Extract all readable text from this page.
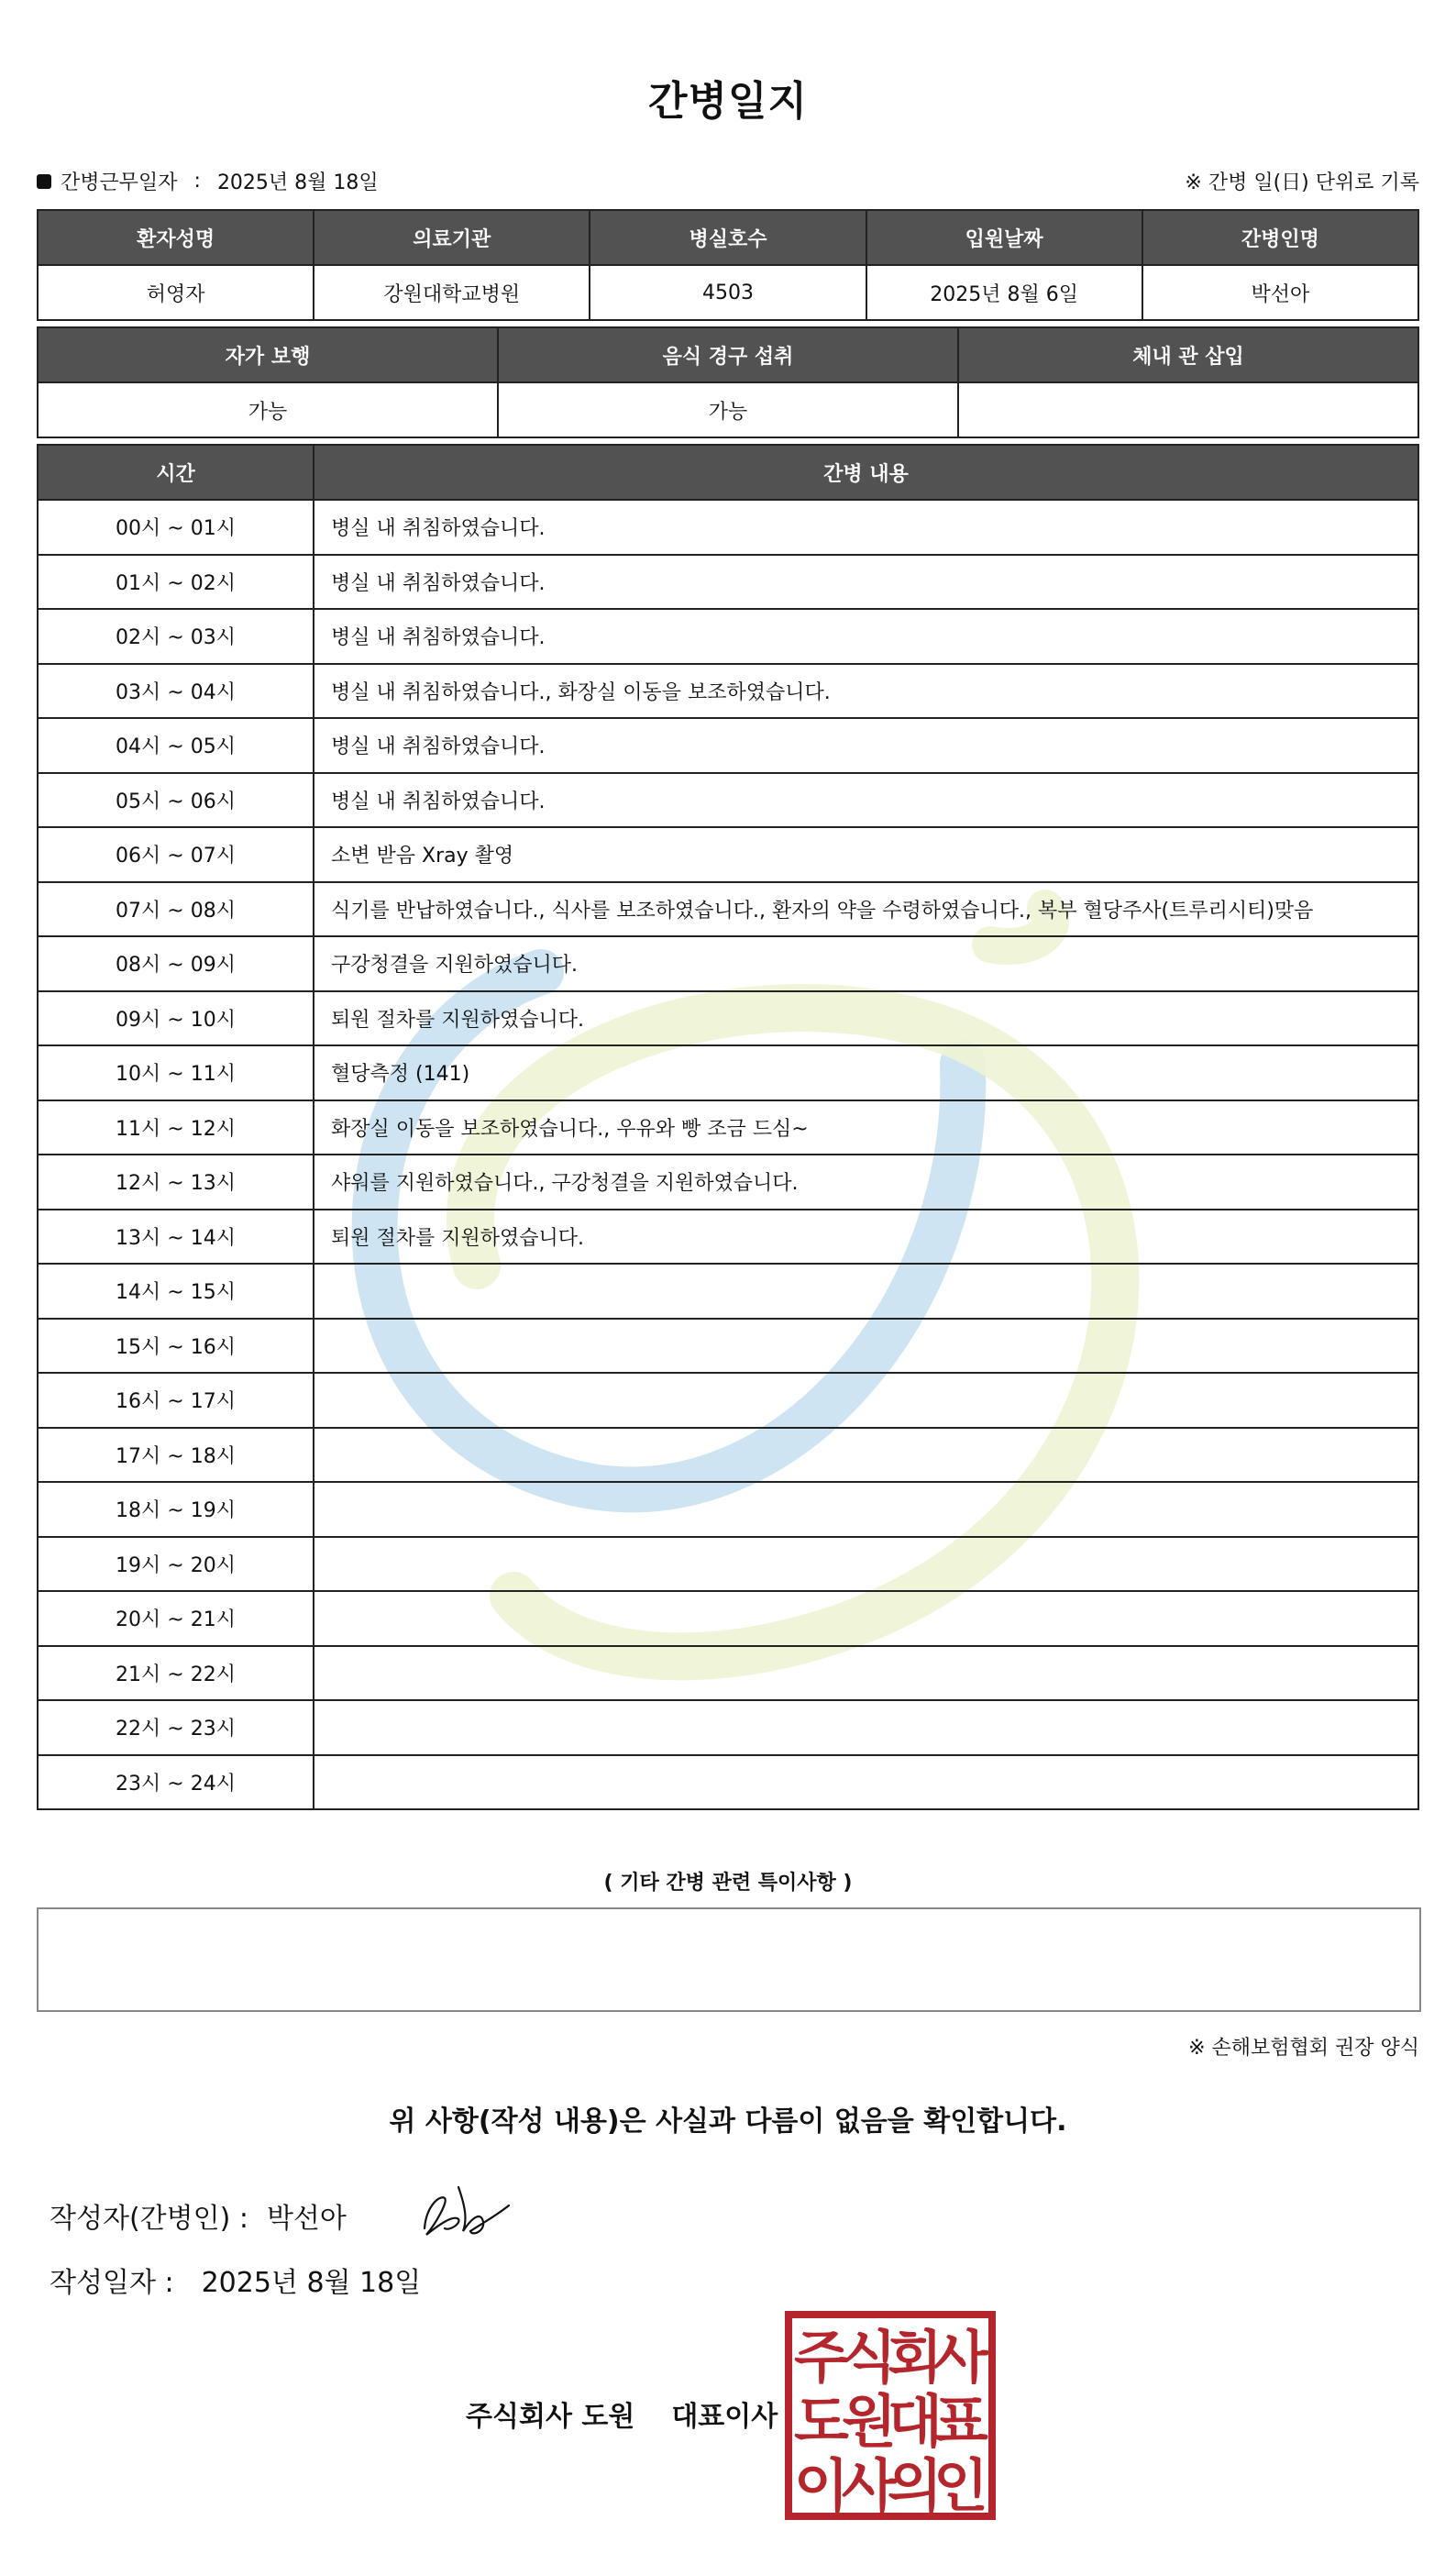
간병일지
간병근무일자 : 2025년 8월 18일	※ 간병 일(日) 단위로 기록
환자성명	의료기관	병실호수	입원날짜	간병인명
허영자	강원대학교병원	4503	2025년 8월 6일	박선아
자가 보행	음식 경구 섭취	체내 관 삽입
가능	가능	
시간	간병 내용
00시 ~ 01시	병실 내 취침하였습니다.
01시 ~ 02시	병실 내 취침하였습니다.
02시 ~ 03시	병실 내 취침하였습니다.
03시 ~ 04시	병실 내 취침하였습니다., 화장실 이동을 보조하였습니다.
04시 ~ 05시	병실 내 취침하였습니다.
05시 ~ 06시	병실 내 취침하였습니다.
06시 ~ 07시	소변 받음 Xray 촬영
07시 ~ 08시	식기를 반납하였습니다., 식사를 보조하였습니다., 환자의 약을 수령하였습니다., 복부 혈당주사(트루리시티)맞음
08시 ~ 09시	구강청결을 지원하였습니다.
09시 ~ 10시	퇴원 절차를 지원하였습니다.
10시 ~ 11시	혈당측정 (141)
11시 ~ 12시	화장실 이동을 보조하였습니다., 우유와 빵 조금 드심~
12시 ~ 13시	샤워를 지원하였습니다., 구강청결을 지원하였습니다.
13시 ~ 14시	퇴원 절차를 지원하였습니다.
14시 ~ 15시	
15시 ~ 16시	
16시 ~ 17시	
17시 ~ 18시	
18시 ~ 19시	
19시 ~ 20시	
20시 ~ 21시	
21시 ~ 22시	
22시 ~ 23시	
23시 ~ 24시	
( 기타 간병 관련 특이사항 )
※ 손해보험협회 권장 양식
위 사항(작성 내용)은 사실과 다름이 없음을 확인합니다.
작성자(간병인) : 박선아
작성일자 : 2025년 8월 18일
주식회사 도원 대표이사
주
식
회
사
도
원
대
표
이
사
의
인
